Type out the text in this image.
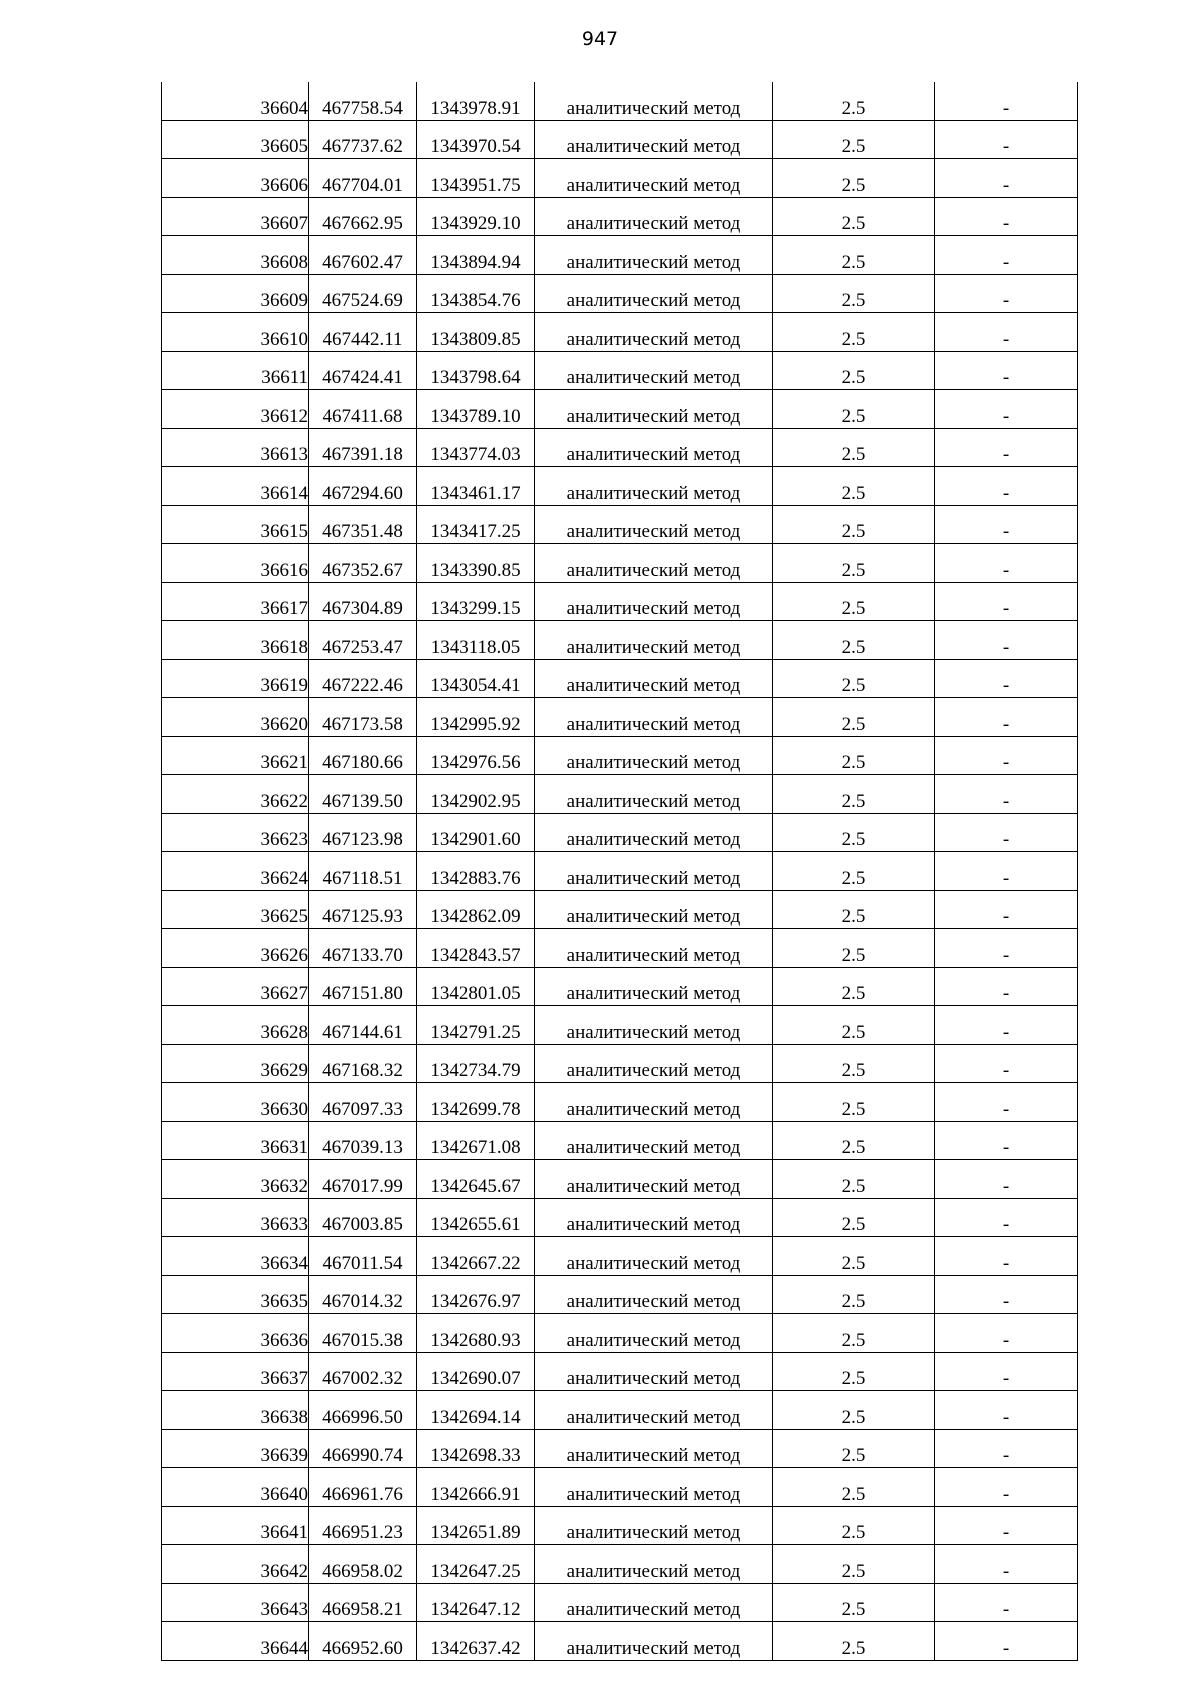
947
36604	467758.54	1343978.91	аналитический метод	2.5	-
36605	467737.62	1343970.54	аналитический метод	2.5	-
36606	467704.01	1343951.75	аналитический метод	2.5	-
36607	467662.95	1343929.10	аналитический метод	2.5	-
36608	467602.47	1343894.94	аналитический метод	2.5	-
36609	467524.69	1343854.76	аналитический метод	2.5	-
36610	467442.11	1343809.85	аналитический метод	2.5	-
36611	467424.41	1343798.64	аналитический метод	2.5	-
36612	467411.68	1343789.10	аналитический метод	2.5	-
36613	467391.18	1343774.03	аналитический метод	2.5	-
36614	467294.60	1343461.17	аналитический метод	2.5	-
36615	467351.48	1343417.25	аналитический метод	2.5	-
36616	467352.67	1343390.85	аналитический метод	2.5	-
36617	467304.89	1343299.15	аналитический метод	2.5	-
36618	467253.47	1343118.05	аналитический метод	2.5	-
36619	467222.46	1343054.41	аналитический метод	2.5	-
36620	467173.58	1342995.92	аналитический метод	2.5	-
36621	467180.66	1342976.56	аналитический метод	2.5	-
36622	467139.50	1342902.95	аналитический метод	2.5	-
36623	467123.98	1342901.60	аналитический метод	2.5	-
36624	467118.51	1342883.76	аналитический метод	2.5	-
36625	467125.93	1342862.09	аналитический метод	2.5	-
36626	467133.70	1342843.57	аналитический метод	2.5	-
36627	467151.80	1342801.05	аналитический метод	2.5	-
36628	467144.61	1342791.25	аналитический метод	2.5	-
36629	467168.32	1342734.79	аналитический метод	2.5	-
36630	467097.33	1342699.78	аналитический метод	2.5	-
36631	467039.13	1342671.08	аналитический метод	2.5	-
36632	467017.99	1342645.67	аналитический метод	2.5	-
36633	467003.85	1342655.61	аналитический метод	2.5	-
36634	467011.54	1342667.22	аналитический метод	2.5	-
36635	467014.32	1342676.97	аналитический метод	2.5	-
36636	467015.38	1342680.93	аналитический метод	2.5	-
36637	467002.32	1342690.07	аналитический метод	2.5	-
36638	466996.50	1342694.14	аналитический метод	2.5	-
36639	466990.74	1342698.33	аналитический метод	2.5	-
36640	466961.76	1342666.91	аналитический метод	2.5	-
36641	466951.23	1342651.89	аналитический метод	2.5	-
36642	466958.02	1342647.25	аналитический метод	2.5	-
36643	466958.21	1342647.12	аналитический метод	2.5	-
36644	466952.60	1342637.42	аналитический метод	2.5	-
